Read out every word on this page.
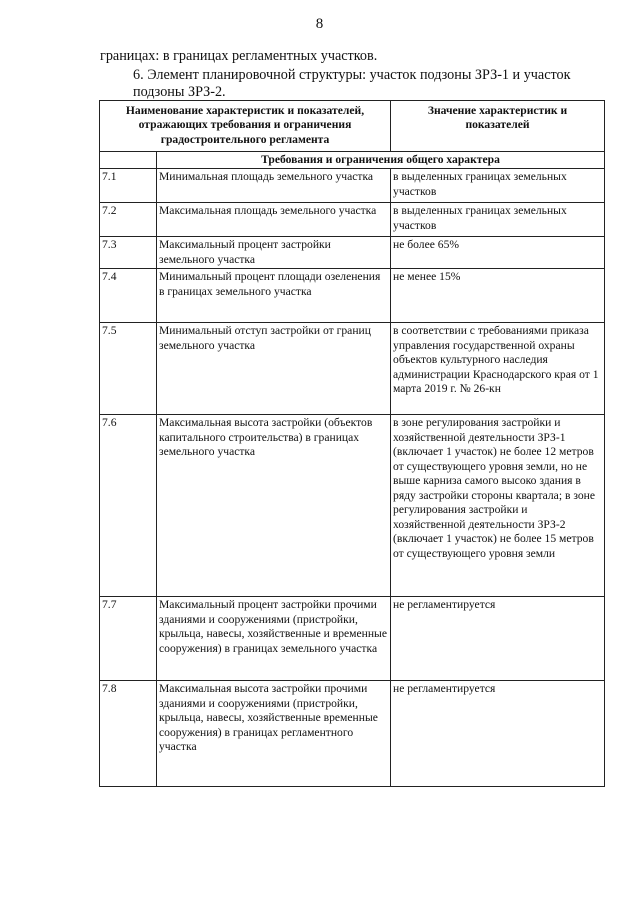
8
границах: в границах регламентных участков.
6. Элемент планировочной структуры: участок подзоны ЗРЗ-1 и участок
подзоны ЗРЗ-2.
Наименование характеристик и показателей, отражающих требования и ограничения градостроительного регламента		Значение характеристик и показателей
	Требования и ограничения общего характера	
7.1	Минимальная площадь земельного участка	в выделенных границах земельных участков
7.2	Максимальная площадь земельного участка	в выделенных границах земельных участков
7.3	Максимальный процент застройки земельного участка	не более 65%
7.4	Минимальный процент площади озеленения в границах земельного участка	не менее 15%
7.5	Минимальный отступ застройки от границ земельного участка	в соответствии с требованиями приказа управления государственной охраны объектов культурного наследия администрации Краснодарского края от 1 марта 2019 г. № 26-кн
7.6	Максимальная высота застройки (объектов капитального строительства) в границах земельного участка	в зоне регулирования застройки и хозяйственной деятельности ЗРЗ-1 (включает 1 участок) не более 12 метров от существующего уровня земли, но не выше карниза самого высоко здания в ряду застройки стороны квартала; в зоне регулирования застройки и хозяйственной деятельности ЗРЗ-2 (включает 1 участок) не более 15 метров от существующего уровня земли
7.7	Максимальный процент застройки прочими зданиями и сооружениями (пристройки, крыльца, навесы, хозяйственные и временные сооружения) в границах земельного участка	не регламентируется
7.8	Максимальная высота застройки прочими зданиями и сооружениями (пристройки, крыльца, навесы, хозяйственные временные сооружения) в границах регламентного участка	не регламентируется
